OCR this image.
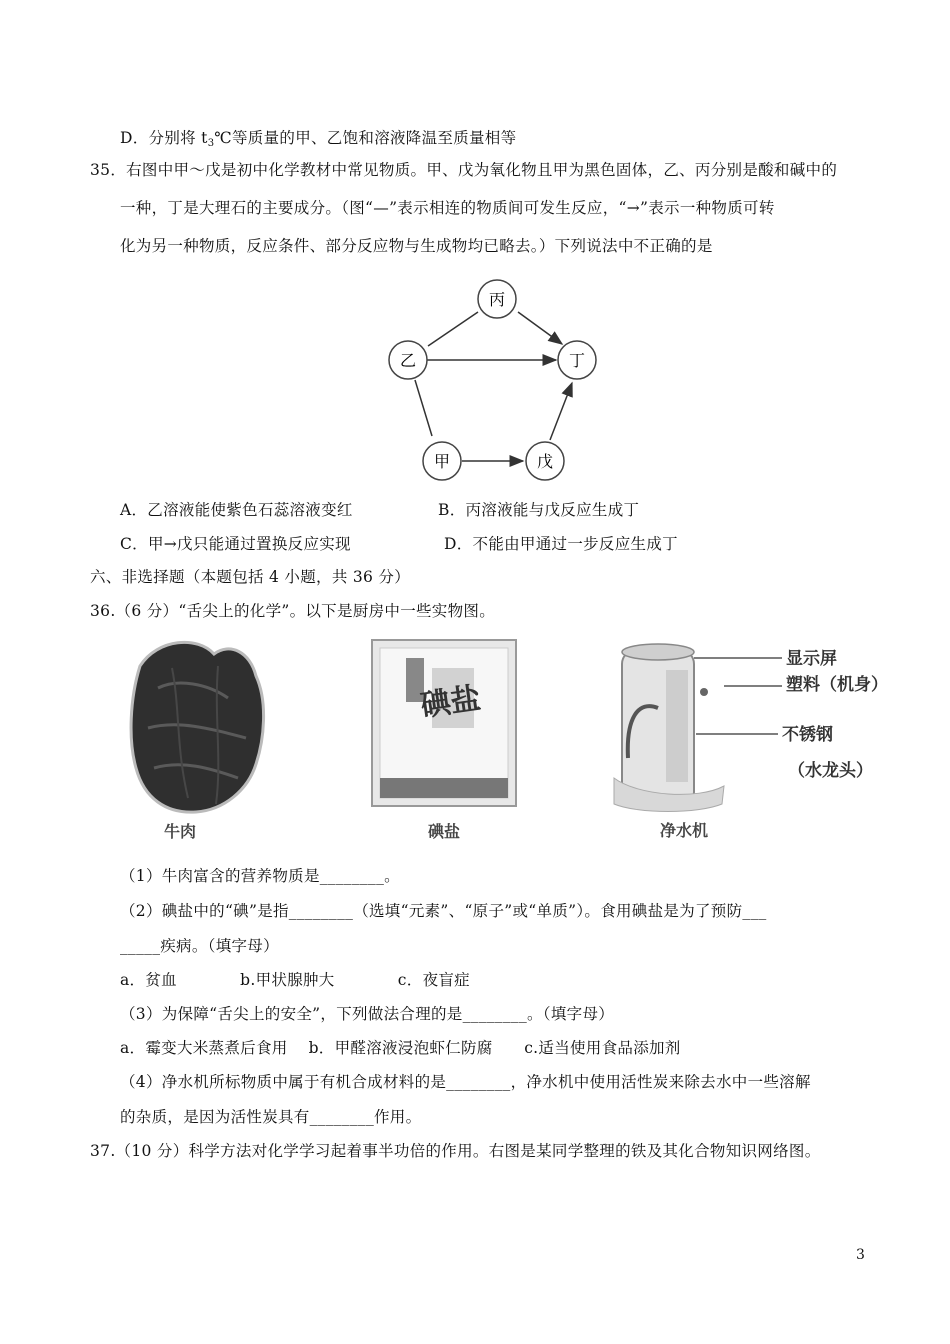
D．分别将 $t_3℃$等质量的甲、乙饱和溶液降温至质量相等
35．右图中甲～戊是初中化学教材中常见物质。甲、戊为氧化物且甲为黑色固体，乙、丙分别是酸和碱中的
一种，丁是大理石的主要成分。（图“—”表示相连的物质间可发生反应，“→”表示一种物质可转
化为另一种物质，反应条件、部分反应物与生成物均已略去。）下列说法中不正确的是
丙
乙	丁
甲	戊
A．乙溶液能使紫色石蕊溶液变红	B．丙溶液能与戊反应生成丁
C．甲→戊只能通过置换反应实现	D．不能由甲通过一步反应生成丁
六、非选择题（本题包括 4 小题，共 36 分）
36.（6 分）“舌尖上的化学”。以下是厨房中一些实物图。
牛肉
碘盐
碘盐
显示屏
塑料（机身）
不锈钢
（水龙头）
净水机
（1）牛肉富含的营养物质是________。
（2）碘盐中的“碘”是指________（选填“元素”、“原子”或“单质”）。食用碘盐是为了预防___
_____疾病。（填字母）
a．贫血　　　　b.甲状腺肿大　　　　c．夜盲症
（3）为保障“舌尖上的安全”，下列做法合理的是________。（填字母）
a．霉变大米蒸煮后食用　 b．甲醛溶液浸泡虾仁防腐　　c.适当使用食品添加剂
（4）净水机所标物质中属于有机合成材料的是________，净水机中使用活性炭来除去水中一些溶解
的杂质，是因为活性炭具有________作用。
37.（10 分）科学方法对化学学习起着事半功倍的作用。右图是某同学整理的铁及其化合物知识网络图。
3
